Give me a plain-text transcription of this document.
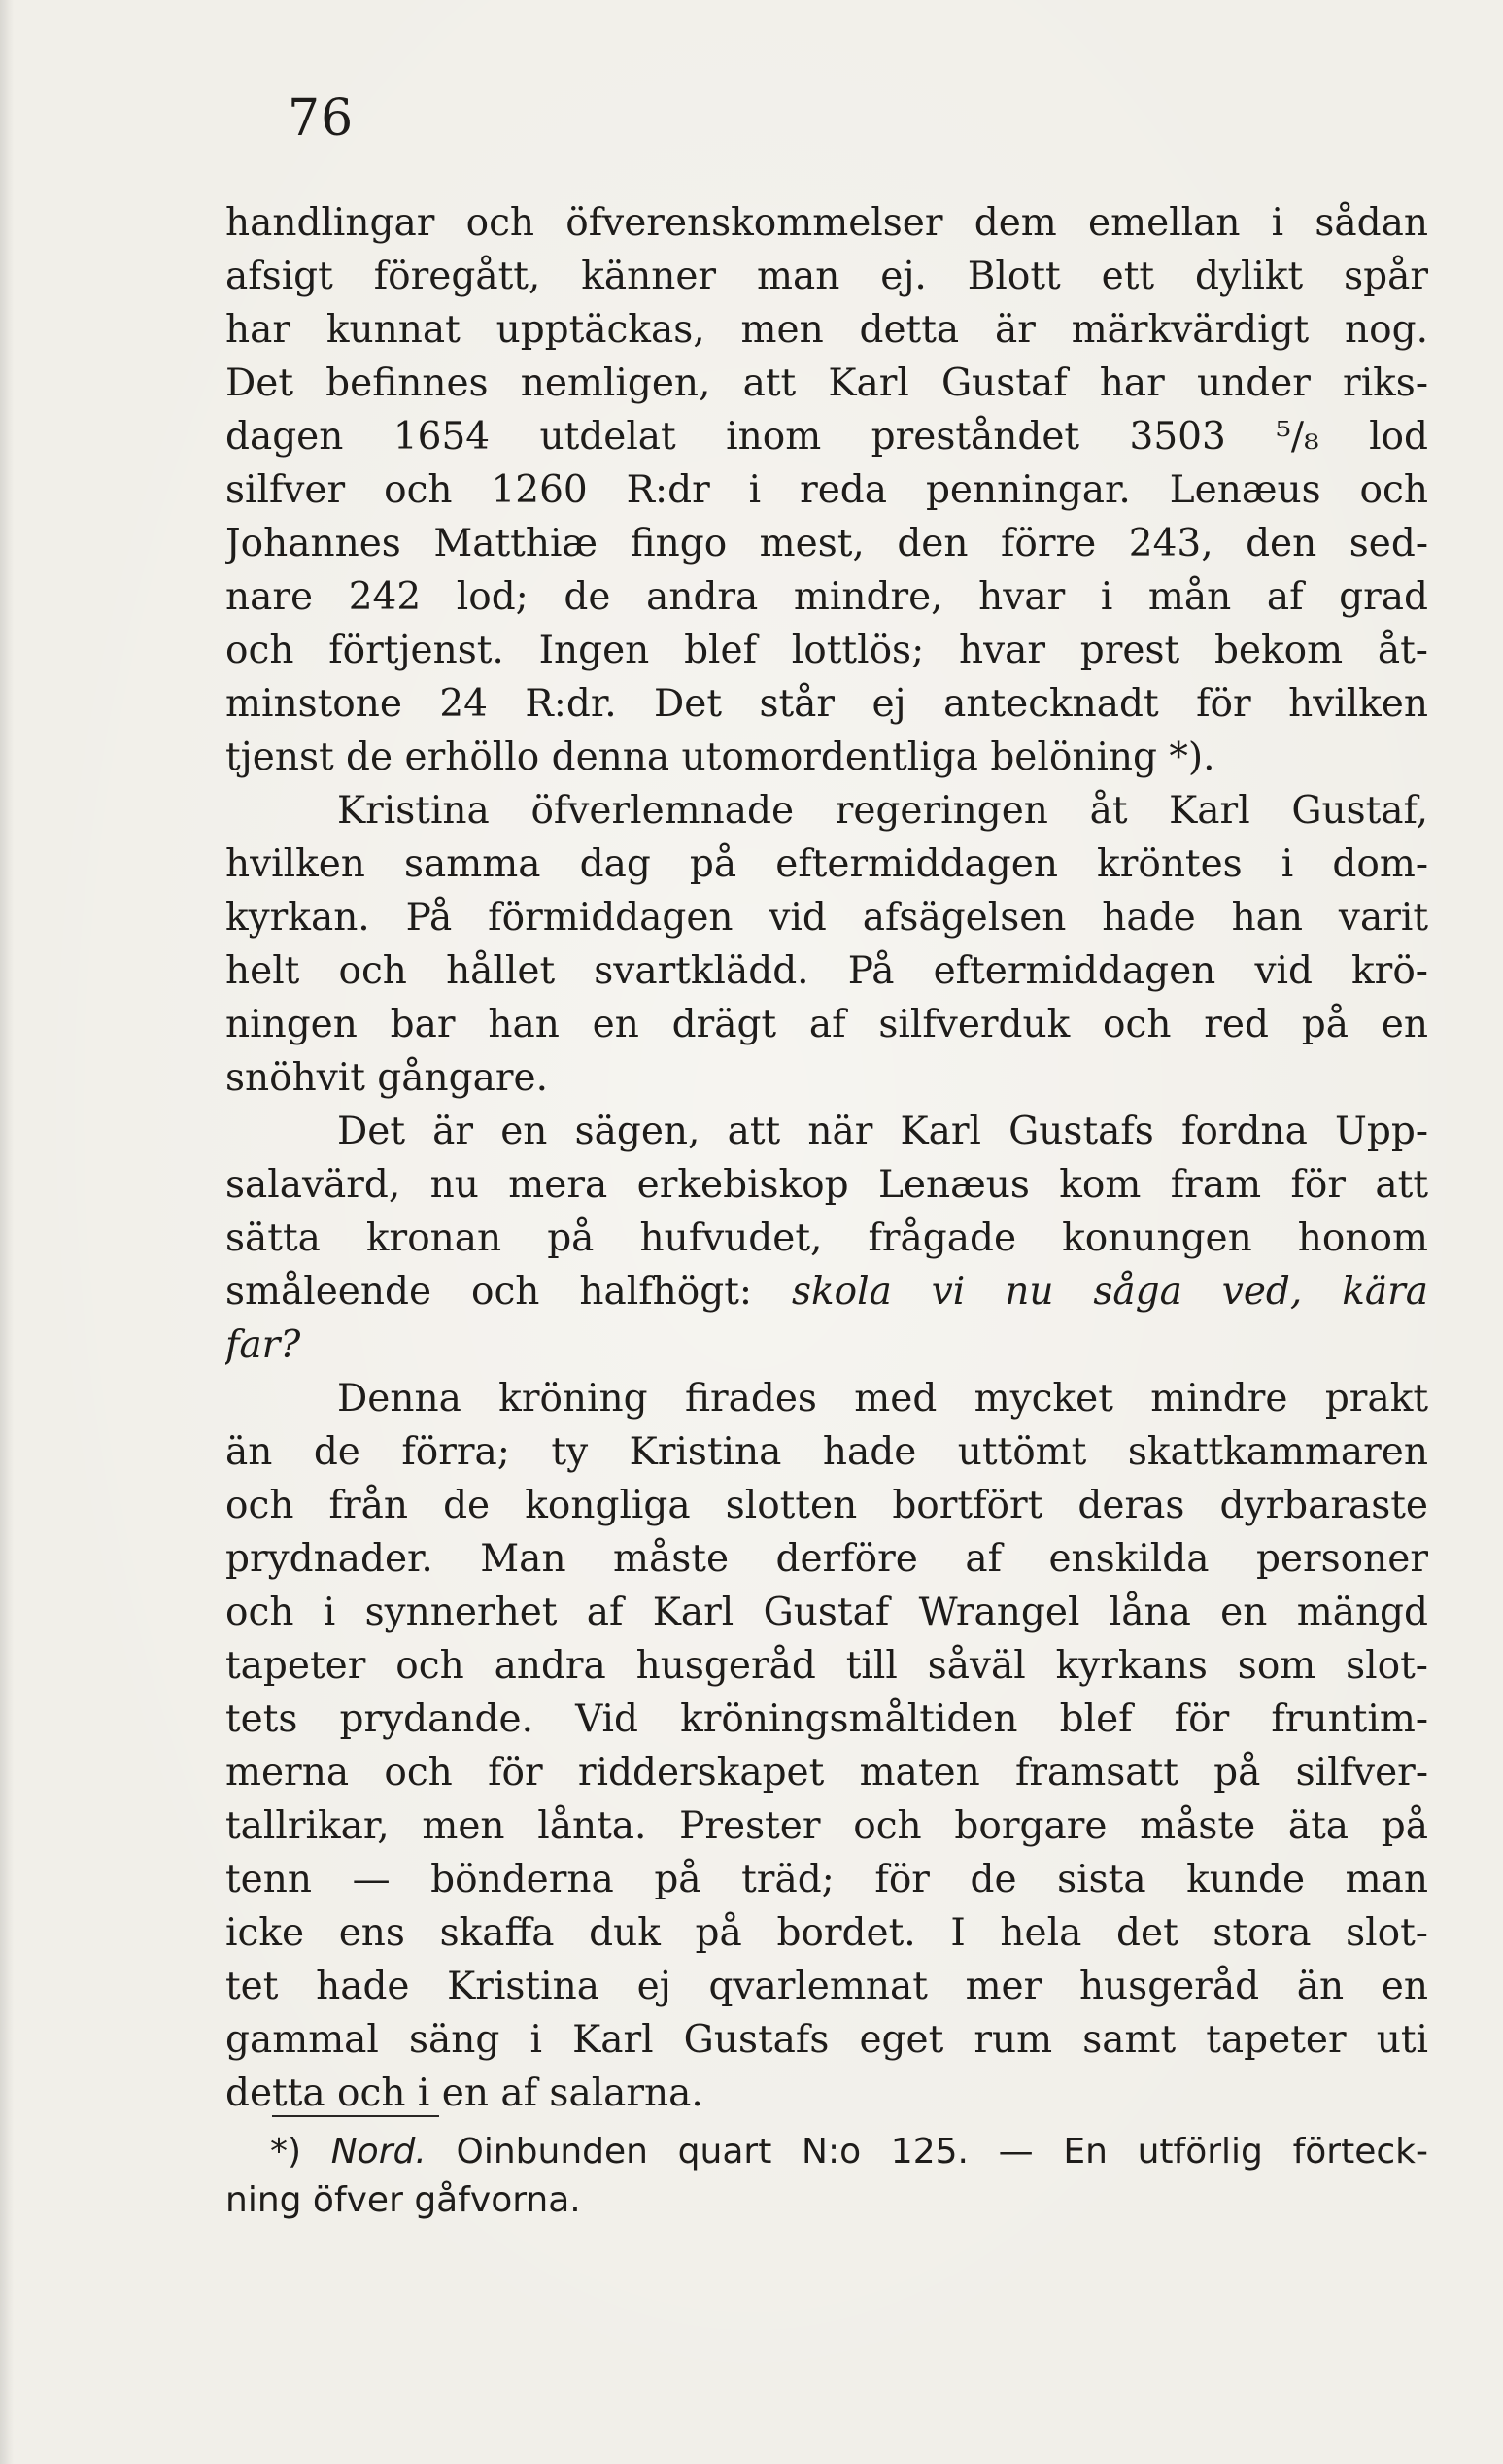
76
handlingar och öfverenskommelser dem emellan i sådan
afsigt föregått, känner man ej. Blott ett dylikt spår
har kunnat upptäckas, men detta är märkvärdigt nog.
Det befinnes nemligen, att Karl Gustaf har under riks-
dagen 1654 utdelat inom preståndet 3503 ⁵/₈ lod
silfver och 1260 R:dr i reda penningar. Lenæus och
Johannes Matthiæ fingo mest, den förre 243, den sed-
nare 242 lod; de andra mindre, hvar i mån af grad
och förtjenst. Ingen blef lottlös; hvar prest bekom åt-
minstone 24 R:dr. Det står ej antecknadt för hvilken
tjenst de erhöllo denna utomordentliga belöning *).
Kristina öfverlemnade regeringen åt Karl Gustaf,
hvilken samma dag på eftermiddagen kröntes i dom-
kyrkan. På förmiddagen vid afsägelsen hade han varit
helt och hållet svartklädd. På eftermiddagen vid krö-
ningen bar han en drägt af silfverduk och red på en
snöhvit gångare.
Det är en sägen, att när Karl Gustafs fordna Upp-
salavärd, nu mera erkebiskop Lenæus kom fram för att
sätta kronan på hufvudet, frågade konungen honom
småleende och halfhögt: skola vi nu såga ved, kära
far?
Denna kröning firades med mycket mindre prakt
än de förra; ty Kristina hade uttömt skattkammaren
och från de kongliga slotten bortfört deras dyrbaraste
prydnader. Man måste derföre af enskilda personer
och i synnerhet af Karl Gustaf Wrangel låna en mängd
tapeter och andra husgeråd till såväl kyrkans som slot-
tets prydande. Vid kröningsmåltiden blef för fruntim-
merna och för ridderskapet maten framsatt på silfver-
tallrikar, men lånta. Prester och borgare måste äta på
tenn — bönderna på träd; för de sista kunde man
icke ens skaffa duk på bordet. I hela det stora slot-
tet hade Kristina ej qvarlemnat mer husgeråd än en
gammal säng i Karl Gustafs eget rum samt tapeter uti
detta och i en af salarna.
*) Nord. Oinbunden quart N:o 125. — En utförlig förteck-
ning öfver gåfvorna.
